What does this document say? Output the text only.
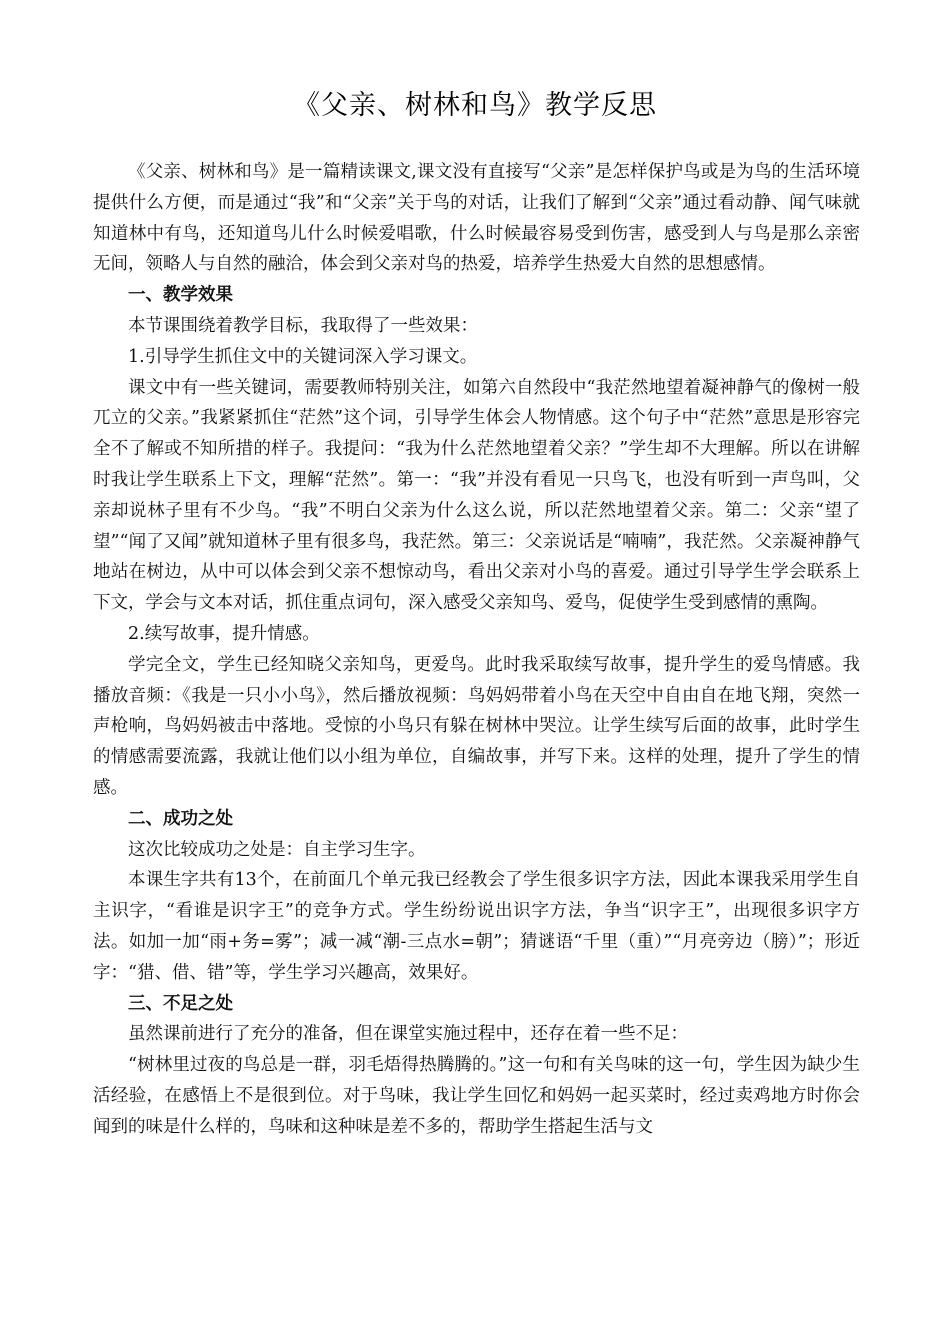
《父亲、树林和鸟》教学反思

《父亲、树林和鸟》是一篇精读课文,课文没有直接写“父亲”是怎样保护鸟或是为鸟的生活环境提供什么方便，而是通过“我”和“父亲”关于鸟的对话，让我们了解到“父亲”通过看动静、闻气味就知道林中有鸟，还知道鸟儿什么时候爱唱歌，什么时候最容易受到伤害，感受到人与鸟是那么亲密无间，领略人与自然的融洽，体会到父亲对鸟的热爱，培养学生热爱大自然的思想感情。

一、教学效果

本节课围绕着教学目标，我取得了一些效果：

1.引导学生抓住文中的关键词深入学习课文。

课文中有一些关键词，需要教师特别关注，如第六自然段中“我茫然地望着凝神静气的像树一般兀立的父亲。”我紧紧抓住“茫然”这个词，引导学生体会人物情感。这个句子中“茫然”意思是形容完全不了解或不知所措的样子。我提问：“我为什么茫然地望着父亲？”学生却不大理解。所以在讲解时我让学生联系上下文，理解“茫然”。第一：“我”并没有看见一只鸟飞，也没有听到一声鸟叫，父亲却说林子里有不少鸟。“我”不明白父亲为什么这么说，所以茫然地望着父亲。第二：父亲“望了望”“闻了又闻”就知道林子里有很多鸟，我茫然。第三：父亲说话是“喃喃”，我茫然。父亲凝神静气地站在树边，从中可以体会到父亲不想惊动鸟，看出父亲对小鸟的喜爱。通过引导学生学会联系上下文，学会与文本对话，抓住重点词句，深入感受父亲知鸟、爱鸟，促使学生受到感情的熏陶。

2.续写故事，提升情感。

学完全文，学生已经知晓父亲知鸟，更爱鸟。此时我采取续写故事，提升学生的爱鸟情感。我播放音频：《我是一只小小鸟》，然后播放视频：鸟妈妈带着小鸟在天空中自由自在地飞翔，突然一声枪响，鸟妈妈被击中落地。受惊的小鸟只有躲在树林中哭泣。让学生续写后面的故事，此时学生的情感需要流露，我就让他们以小组为单位，自编故事，并写下来。这样的处理，提升了学生的情感。

二、成功之处

这次比较成功之处是：自主学习生字。

本课生字共有13个，在前面几个单元我已经教会了学生很多识字方法，因此本课我采用学生自主识字，“看谁是识字王”的竞争方式。学生纷纷说出识字方法，争当“识字王”，出现很多识字方法。如加一加“雨+务=雾”；减一减“潮-三点水=朝”；猜谜语“千里（重）”“月亮旁边（膀）”；形近字：“猎、借、错”等，学生学习兴趣高，效果好。

三、不足之处

虽然课前进行了充分的准备，但在课堂实施过程中，还存在着一些不足：

“树林里过夜的鸟总是一群，羽毛焐得热腾腾的。”这一句和有关鸟味的这一句，学生因为缺少生活经验，在感悟上不是很到位。对于鸟味，我让学生回忆和妈妈一起买菜时，经过卖鸡地方时你会闻到的味是什么样的，鸟味和这种味是差不多的，帮助学生搭起生活与文
